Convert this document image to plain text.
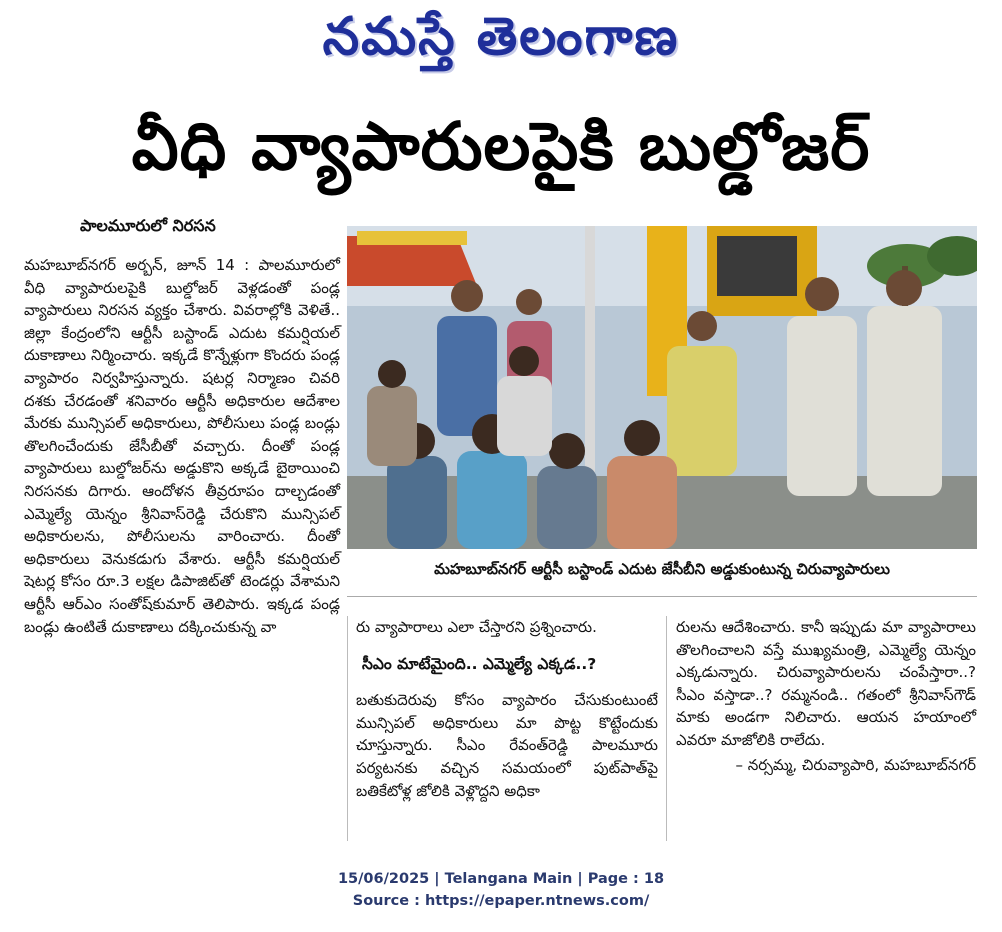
నమస్తే తెలంగాణ
వీధి వ్యాపారులపైకి బుల్డోజర్
పాలమూరులో నిరసన

మహబూబ్‌నగర్ అర్బన్, జూన్ 14 : పాలమూరులో వీధి వ్యాపారులపైకి బుల్డోజర్ వెళ్లడంతో పండ్ల వ్యాపారులు నిరసన వ్యక్తం చేశారు. వివరాల్లోకి వెళితే.. జిల్లా కేంద్రంలోని ఆర్టీసీ బస్టాండ్ ఎదుట కమర్షియల్ దుకాణాలు నిర్మించారు. ఇక్కడే కొన్నేళ్లుగా కొందరు పండ్ల వ్యాపారం నిర్వహిస్తున్నారు. షటర్ల నిర్మాణం చివరి దశకు చేరడంతో శనివారం ఆర్టీసీ అధికారుల ఆదేశాల మేరకు మున్సిపల్ అధికారులు, పోలీసులు పండ్ల బండ్లు తొలగించేందుకు జేసీబీతో వచ్చారు. దీంతో పండ్ల వ్యాపారులు బుల్డోజర్‌ను అడ్డుకొని అక్కడే బైఠాయించి నిరసనకు దిగారు. ఆందోళన తీవ్రరూపం దాల్చడంతో ఎమ్మెల్యే యెన్నం శ్రీనివాస్‌రెడ్డి చేరుకొని మున్సిపల్ అధికారులను, పోలీసులను వారించారు. దీంతో అధికారులు వెనుకడుగు వేశారు. ఆర్టీసీ కమర్షియల్ షెటర్ల కోసం రూ.3 లక్షల డిపాజిట్‌తో టెండర్లు వేశామని ఆర్టీసీ ఆర్‌ఎం సంతోష్‌కుమార్ తెలిపారు. ఇక్కడ పండ్ల బండ్లు ఉంటితే దుకాణాలు దక్కించుకున్న వా

మహబూబ్‌నగర్ ఆర్టీసీ బస్టాండ్ ఎదుట జేసీబీని అడ్డుకుంటున్న చిరువ్యాపారులు

రు వ్యాపారాలు ఎలా చేస్తారని ప్రశ్నించారు.

సీఎం మాటేమైంది.. ఎమ్మెల్యే ఎక్కడ..?

బతుకుదెరువు కోసం వ్యాపారం చేసుకుంటుంటే మున్సిపల్ అధికారులు మా పొట్ట కొట్టేందుకు చూస్తున్నారు. సీఎం రేవంత్‌రెడ్డి పాలమూరు పర్యటనకు వచ్చిన సమయంలో పుట్‌పాత్‌పై బతికేటోళ్ల జోలికి వెళ్లొద్దని అధికా

రులను ఆదేశించారు. కానీ ఇప్పుడు మా వ్యాపారాలు తొలగించాలని వస్తే ముఖ్యమంత్రి, ఎమ్మెల్యే యెన్నం ఎక్కడున్నారు. చిరువ్యాపారులను చంపేస్తారా..? సీఎం వస్తాడా..? రమ్మనండి.. గతంలో శ్రీనివాస్‌గౌడ్ మాకు అండగా నిలిచారు. ఆయన హయాంలో ఎవరూ మాజోలికి రాలేదు.

– నర్సమ్మ, చిరువ్యాపారి, మహబూబ్‌నగర్

15/06/2025 | Telangana Main | Page : 18
Source : https://epaper.ntnews.com/
